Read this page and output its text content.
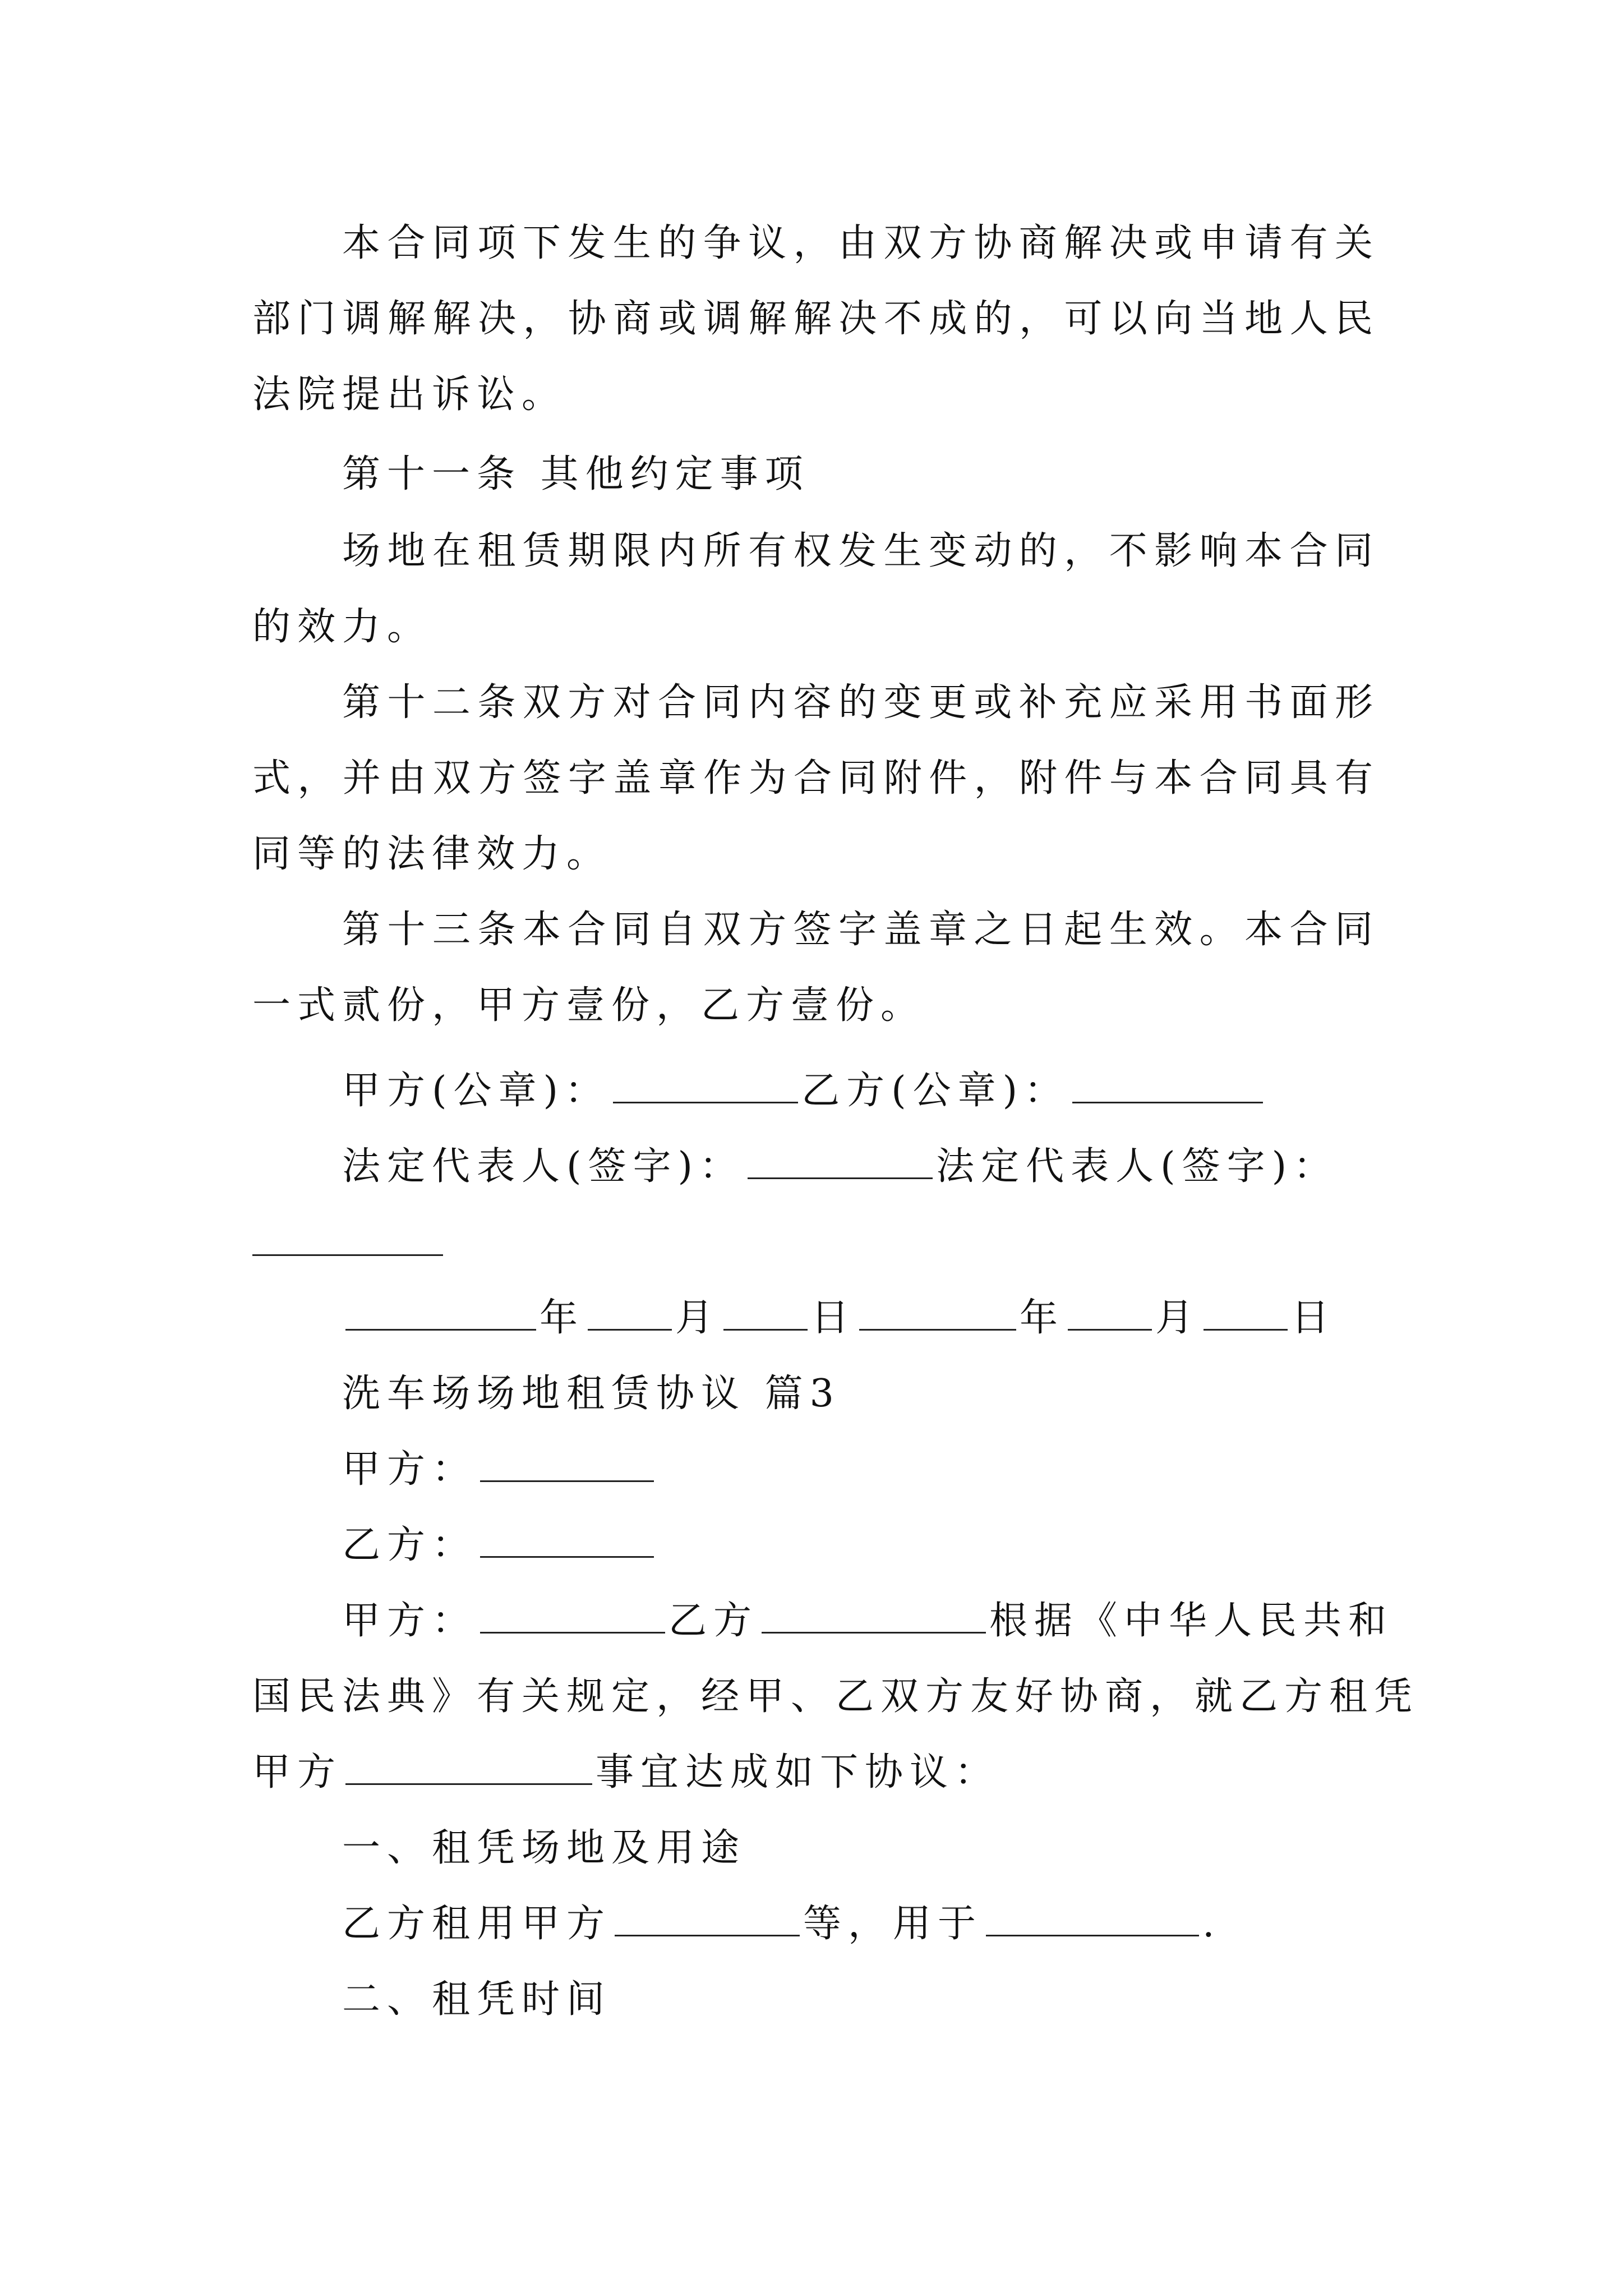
本合同项下发生的争议，由双方协商解决或申请有关部门调解解决，协商或调解解决不成的，可以向当地人民法院提出诉讼。

第十一条 其他约定事项

场地在租赁期限内所有权发生变动的，不影响本合同的效力。

第十二条双方对合同内容的变更或补充应采用书面形式，并由双方签字盖章作为合同附件，附件与本合同具有同等的法律效力。

第十三条本合同自双方签字盖章之日起生效。本合同一式贰份，甲方壹份，乙方壹份。

甲方(公章)：	乙方(公章)：

法定代表人(签字)：	法定代表人(签字)：

年 月 日	年 月 日

洗车场场地租赁协议 篇3

甲方：

乙方：

甲方：	乙方	根据《中华人民共和

国民法典》有关规定，经甲、乙双方友好协商，就乙方租凭

甲方	事宜达成如下协议：

一、租凭场地及用途

乙方租用甲方	等，用于	.

二、租凭时间
